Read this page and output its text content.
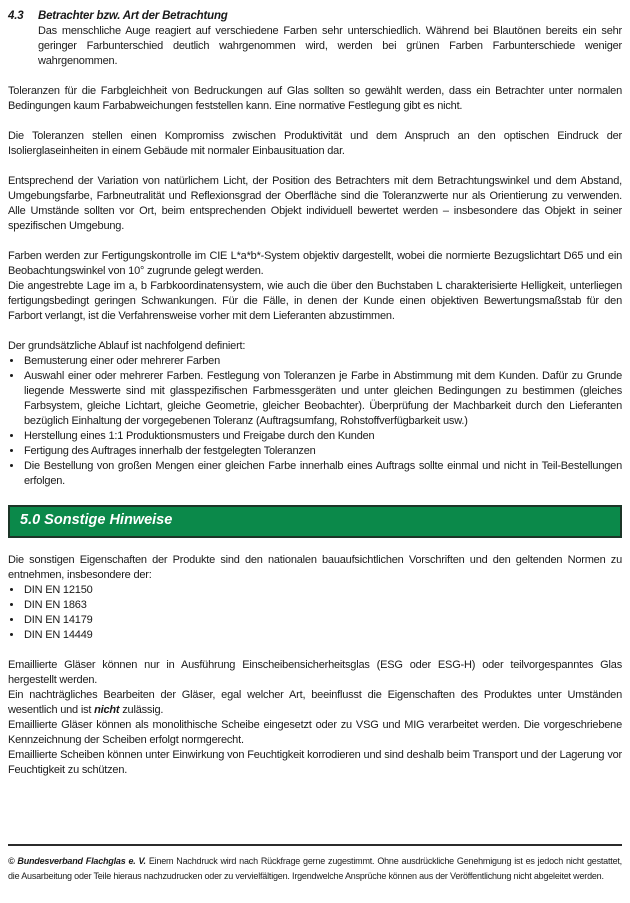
4.3	Betrachter bzw. Art der Betrachtung
Das menschliche Auge reagiert auf verschiedene Farben sehr unterschiedlich. Während bei Blautönen bereits ein sehr geringer Farbunterschied deutlich wahrgenommen wird, werden bei grünen Farben Farbunterschiede weniger wahrgenommen.
Toleranzen für die Farbgleichheit von Bedruckungen auf Glas sollten so gewählt werden, dass ein Betrachter unter normalen Bedingungen kaum Farbabweichungen feststellen kann. Eine normative Festlegung gibt es nicht.
Die Toleranzen stellen einen Kompromiss zwischen Produktivität und dem Anspruch an den optischen Eindruck der Isolierglaseinheiten in einem Gebäude mit normaler Einbausituation dar.
Entsprechend der Variation von natürlichem Licht, der Position des Betrachters mit dem Betrachtungswinkel und dem Abstand, Umgebungsfarbe, Farbneutralität und Reflexionsgrad der Oberfläche sind die Toleranzwerte nur als Orientierung zu verwenden. Alle Umstände sollten vor Ort, beim entsprechenden Objekt individuell bewertet werden – insbesondere das Objekt in seiner spezifischen Umgebung.

Farben werden zur Fertigungskontrolle im CIE L*a*b*-System objektiv dargestellt, wobei die normierte Bezugslichtart D65 und ein Beobachtungswinkel von 10° zugrunde gelegt werden.

Die angestrebte Lage im a, b Farbkoordinatensystem, wie auch die über den Buchstaben L charakterisierte Helligkeit, unterliegen fertigungsbedingt geringen Schwankungen. Für die Fälle, in denen der Kunde einen objektiven Bewertungsmaßstab für den Farbort verlangt, ist die Verfahrensweise vorher mit dem Lieferanten abzustimmen.

Der grundsätzliche Ablauf ist nachfolgend definiert:
• Bemusterung einer oder mehrerer Farben
• Auswahl einer oder mehrerer Farben. Festlegung von Toleranzen je Farbe in Abstimmung mit dem Kunden. Dafür zu Grunde liegende Messwerte sind mit glasspezifischen Farbmessgeräten und unter gleichen Bedingungen zu bestimmen (gleiches Farbsystem, gleiche Lichtart, gleiche Geometrie, gleicher Beobachter). Überprüfung der Machbarkeit durch den Lieferanten bezüglich Einhaltung der vorgegebenen Toleranz (Auftragsumfang, Rohstoffverfügbarkeit usw.)
• Herstellung eines 1:1 Produktionsmusters und Freigabe durch den Kunden
• Fertigung des Auftrages innerhalb der festgelegten Toleranzen
• Die Bestellung von großen Mengen einer gleichen Farbe innerhalb eines Auftrags sollte einmal und nicht in Teil-Bestellungen erfolgen.
5.0 Sonstige Hinweise
Die sonstigen Eigenschaften der Produkte sind den nationalen bauaufsichtlichen Vorschriften und den geltenden Normen zu entnehmen, insbesondere der:
• DIN EN 12150
• DIN EN 1863
• DIN EN 14179
• DIN EN 14449

Emaillierte Gläser können nur in Ausführung Einscheibensicherheitsglas (ESG oder ESG-H) oder teilvorgespanntes Glas hergestellt werden.

Ein nachträgliches Bearbeiten der Gläser, egal welcher Art, beeinflusst die Eigenschaften des Produktes unter Umständen wesentlich und ist nicht zulässig.

Emaillierte Gläser können als monolithische Scheibe eingesetzt oder zu VSG und MIG verarbeitet werden. Die vorgeschriebene Kennzeichnung der Scheiben erfolgt normgerecht.

Emaillierte Scheiben können unter Einwirkung von Feuchtigkeit korrodieren und sind deshalb beim Transport und der Lagerung vor Feuchtigkeit zu schützen.

© Bundesverband Flachglas e. V. Einem Nachdruck wird nach Rückfrage gerne zugestimmt. Ohne ausdrückliche Genehmigung ist es jedoch nicht gestattet, die Ausarbeitung oder Teile hieraus nachzudrucken oder zu vervielfältigen. Irgendwelche Ansprüche können aus der Veröffentlichung nicht abgeleitet werden.
